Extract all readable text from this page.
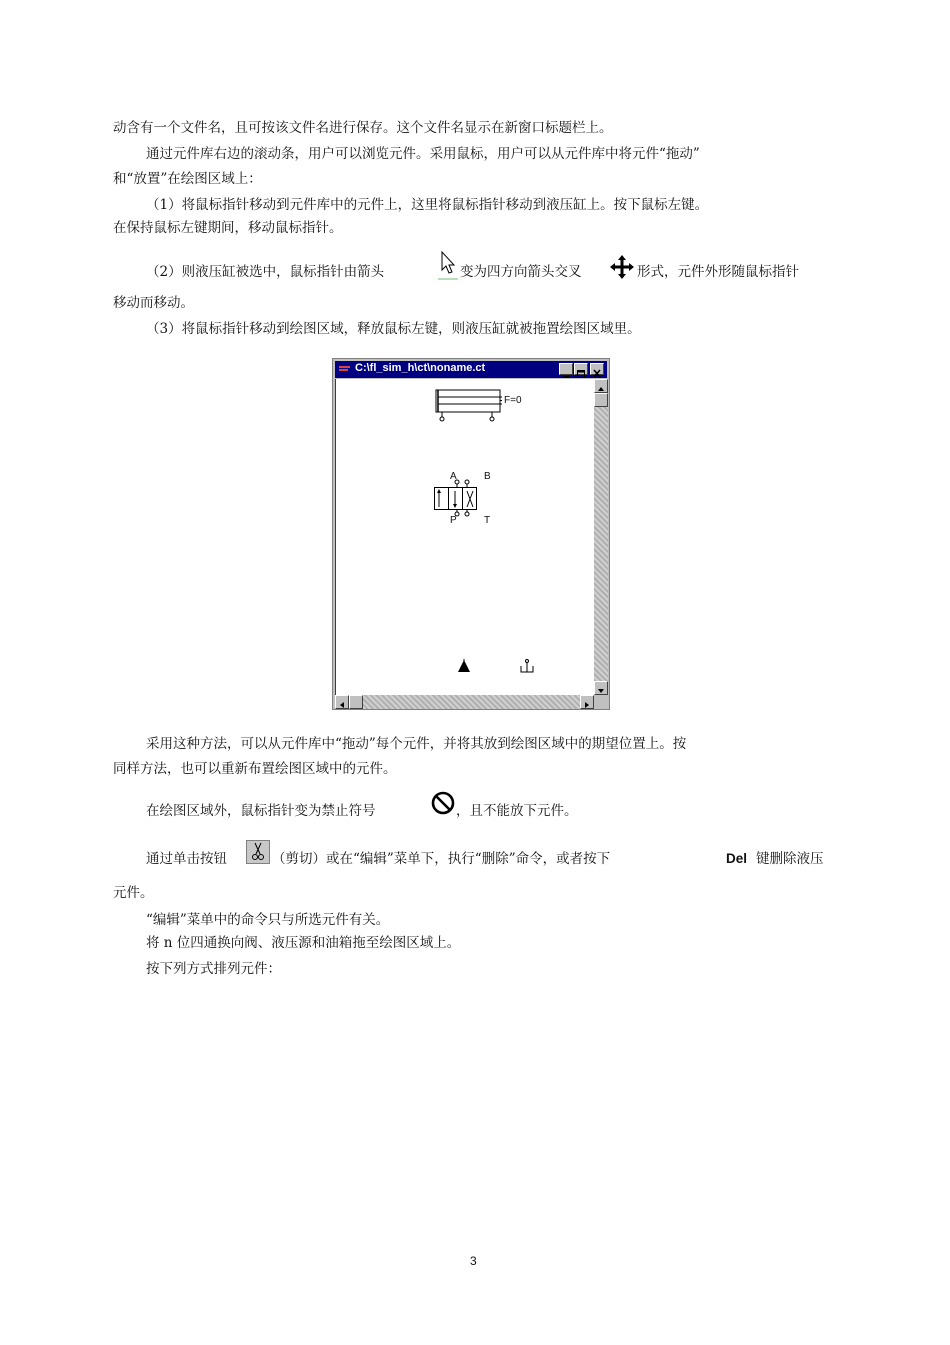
动含有一个文件名，且可按该文件名进行保存。这个文件名显示在新窗口标题栏上。
通过元件库右边的滚动条，用户可以浏览元件。采用鼠标，用户可以从元件库中将元件“拖动”
和“放置”在绘图区域上：
（1）将鼠标指针移动到元件库中的元件上，这里将鼠标指针移动到液压缸上。按下鼠标左键。
在保持鼠标左键期间，移动鼠标指针。
（2）则液压缸被选中，鼠标指针由箭头	变为四方向箭头交叉	形式，元件外形随鼠标指针
移动而移动。
（3）将鼠标指针移动到绘图区域，释放鼠标左键，则液压缸就被拖置绘图区域里。
C:\fl_sim_h\ct\noname.ct
F=0
A	B
P	T
采用这种方法，可以从元件库中“拖动”每个元件，并将其放到绘图区域中的期望位置上。按
同样方法，也可以重新布置绘图区域中的元件。
在绘图区域外，鼠标指针变为禁止符号	，且不能放下元件。
通过单击按钮	（剪切）或在“编辑”菜单下，执行“删除”命令，或者按下	Del 键删除液压
元件。
“编辑”菜单中的命令只与所选元件有关。
将 n 位四通换向阀、液压源和油箱拖至绘图区域上。
按下列方式排列元件：
3
